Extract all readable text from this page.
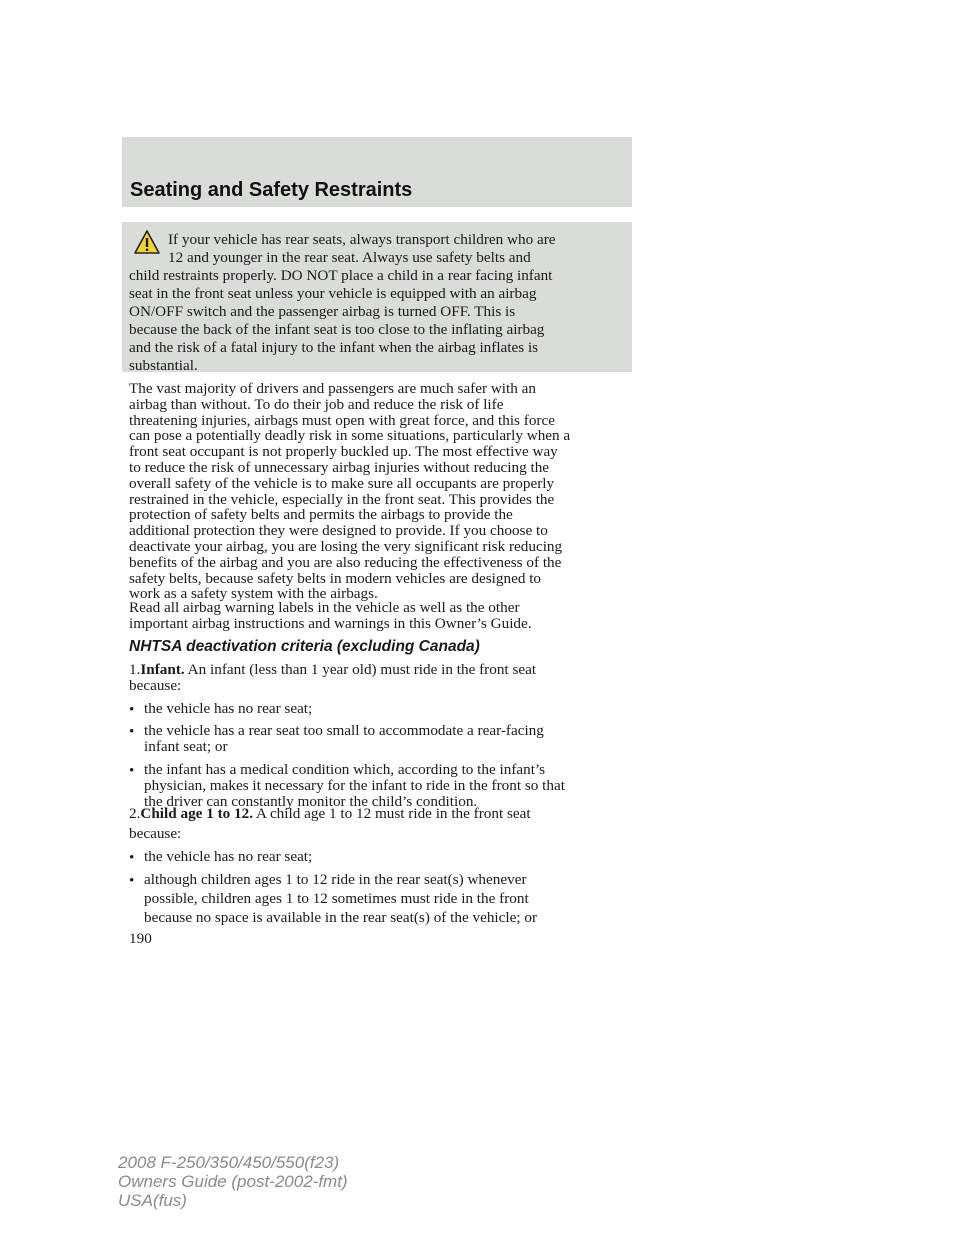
Seating and Safety Restraints
If your vehicle has rear seats, always transport children who are
12 and younger in the rear seat. Always use safety belts and
child restraints properly. DO NOT place a child in a rear facing infant
seat in the front seat unless your vehicle is equipped with an airbag
ON/OFF switch and the passenger airbag is turned OFF. This is
because the back of the infant seat is too close to the inflating airbag
and the risk of a fatal injury to the infant when the airbag inflates is
substantial.

The vast majority of drivers and passengers are much safer with an
airbag than without. To do their job and reduce the risk of life
threatening injuries, airbags must open with great force, and this force
can pose a potentially deadly risk in some situations, particularly when a
front seat occupant is not properly buckled up. The most effective way
to reduce the risk of unnecessary airbag injuries without reducing the
overall safety of the vehicle is to make sure all occupants are properly
restrained in the vehicle, especially in the front seat. This provides the
protection of safety belts and permits the airbags to provide the
additional protection they were designed to provide. If you choose to
deactivate your airbag, you are losing the very significant risk reducing
benefits of the airbag and you are also reducing the effectiveness of the
safety belts, because safety belts in modern vehicles are designed to
work as a safety system with the airbags.

Read all airbag warning labels in the vehicle as well as the other
important airbag instructions and warnings in this Owner’s Guide.

NHTSA deactivation criteria (excluding Canada)
1.Infant. An infant (less than 1 year old) must ride in the front seat
because:
• the vehicle has no rear seat;
• the vehicle has a rear seat too small to accommodate a rear-facing
infant seat; or
• the infant has a medical condition which, according to the infant’s
physician, makes it necessary for the infant to ride in the front so that
the driver can constantly monitor the child’s condition.
2.Child age 1 to 12. A child age 1 to 12 must ride in the front seat
because:
• the vehicle has no rear seat;
• although children ages 1 to 12 ride in the rear seat(s) whenever
possible, children ages 1 to 12 sometimes must ride in the front
because no space is available in the rear seat(s) of the vehicle; or
190
2008 F-250/350/450/550(f23)
Owners Guide (post-2002-fmt)
USA(fus)
